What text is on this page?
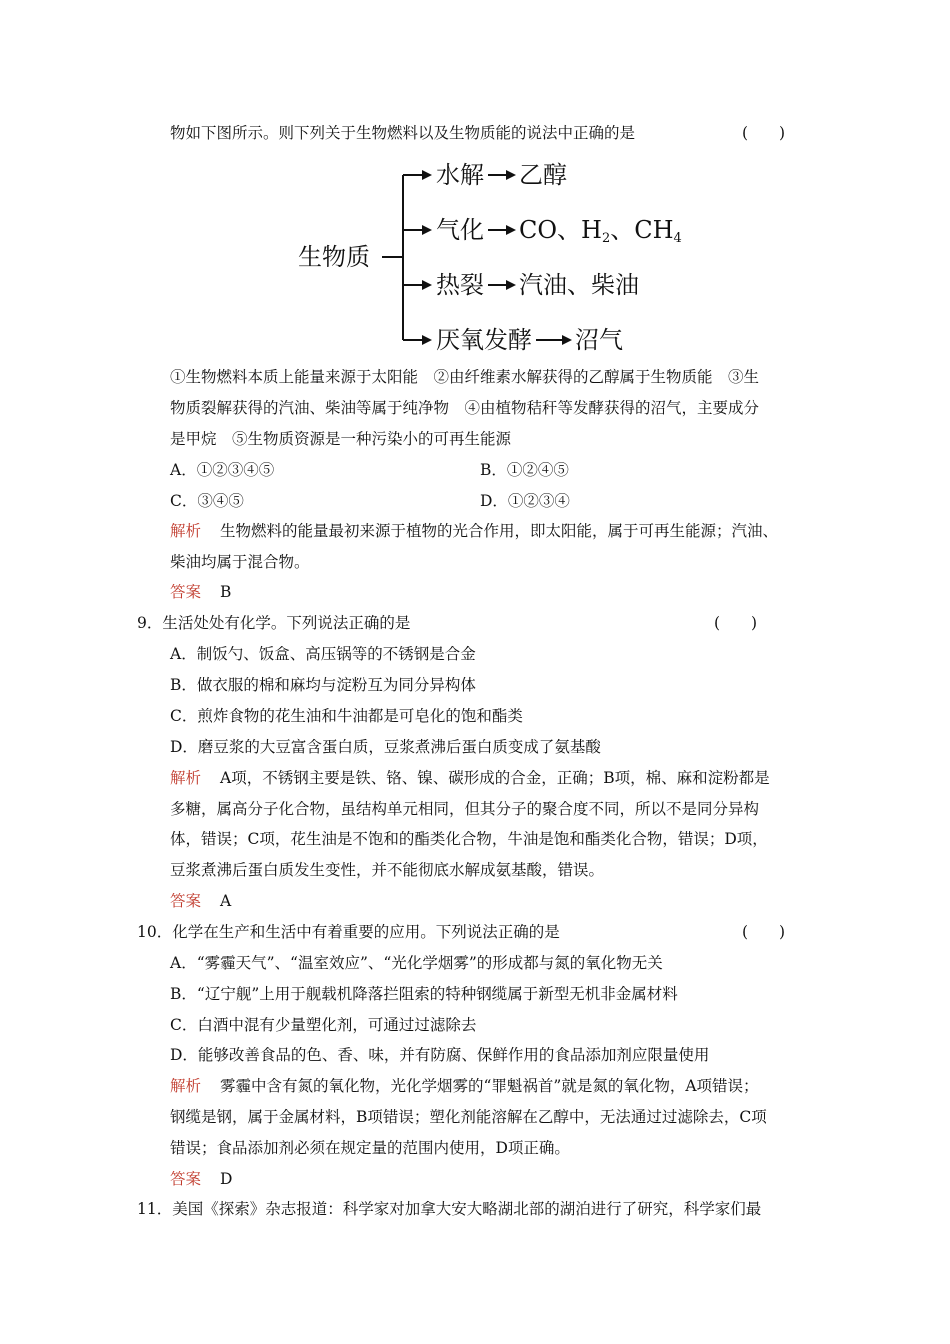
物如下图所示。则下列关于生物燃料以及生物质能的说法中正确的是	(　　)
生物质
水解 乙醇
气化 CO、$H_2$、$CH_4$
热裂 汽油、柴油
厌氧发酵 沼气
①生物燃料本质上能量来源于太阳能　②由纤维素水解获得的乙醇属于生物质能　③生
物质裂解获得的汽油、柴油等属于纯净物　④由植物秸秆等发酵获得的沼气，主要成分
是甲烷　⑤生物质资源是一种污染小的可再生能源
A．①②③④⑤	B．①②④⑤
C．③④⑤	D．①②③④
解析 生物燃料的能量最初来源于植物的光合作用，即太阳能，属于可再生能源；汽油、
柴油均属于混合物。
答案 B
9．生活处处有化学。下列说法正确的是	(　　)
A．制饭勺、饭盒、高压锅等的不锈钢是合金
B．做衣服的棉和麻均与淀粉互为同分异构体
C．煎炸食物的花生油和牛油都是可皂化的饱和酯类
D．磨豆浆的大豆富含蛋白质，豆浆煮沸后蛋白质变成了氨基酸
解析 A项，不锈钢主要是铁、铬、镍、碳形成的合金，正确；B项，棉、麻和淀粉都是
多糖，属高分子化合物，虽结构单元相同，但其分子的聚合度不同，所以不是同分异构
体，错误；C项，花生油是不饱和的酯类化合物，牛油是饱和酯类化合物，错误；D项，
豆浆煮沸后蛋白质发生变性，并不能彻底水解成氨基酸，错误。
答案 A
10．化学在生产和生活中有着重要的应用。下列说法正确的是	(　　)
A．“雾霾天气”、“温室效应”、“光化学烟雾”的形成都与氮的氧化物无关
B．“辽宁舰”上用于舰载机降落拦阻索的特种钢缆属于新型无机非金属材料
C．白酒中混有少量塑化剂，可通过过滤除去
D．能够改善食品的色、香、味，并有防腐、保鲜作用的食品添加剂应限量使用
解析 雾霾中含有氮的氧化物，光化学烟雾的“罪魁祸首”就是氮的氧化物，A项错误；
钢缆是钢，属于金属材料，B项错误；塑化剂能溶解在乙醇中，无法通过过滤除去，C项
错误；食品添加剂必须在规定量的范围内使用，D项正确。
答案 D
11．美国《探索》杂志报道：科学家对加拿大安大略湖北部的湖泊进行了研究，科学家们最
